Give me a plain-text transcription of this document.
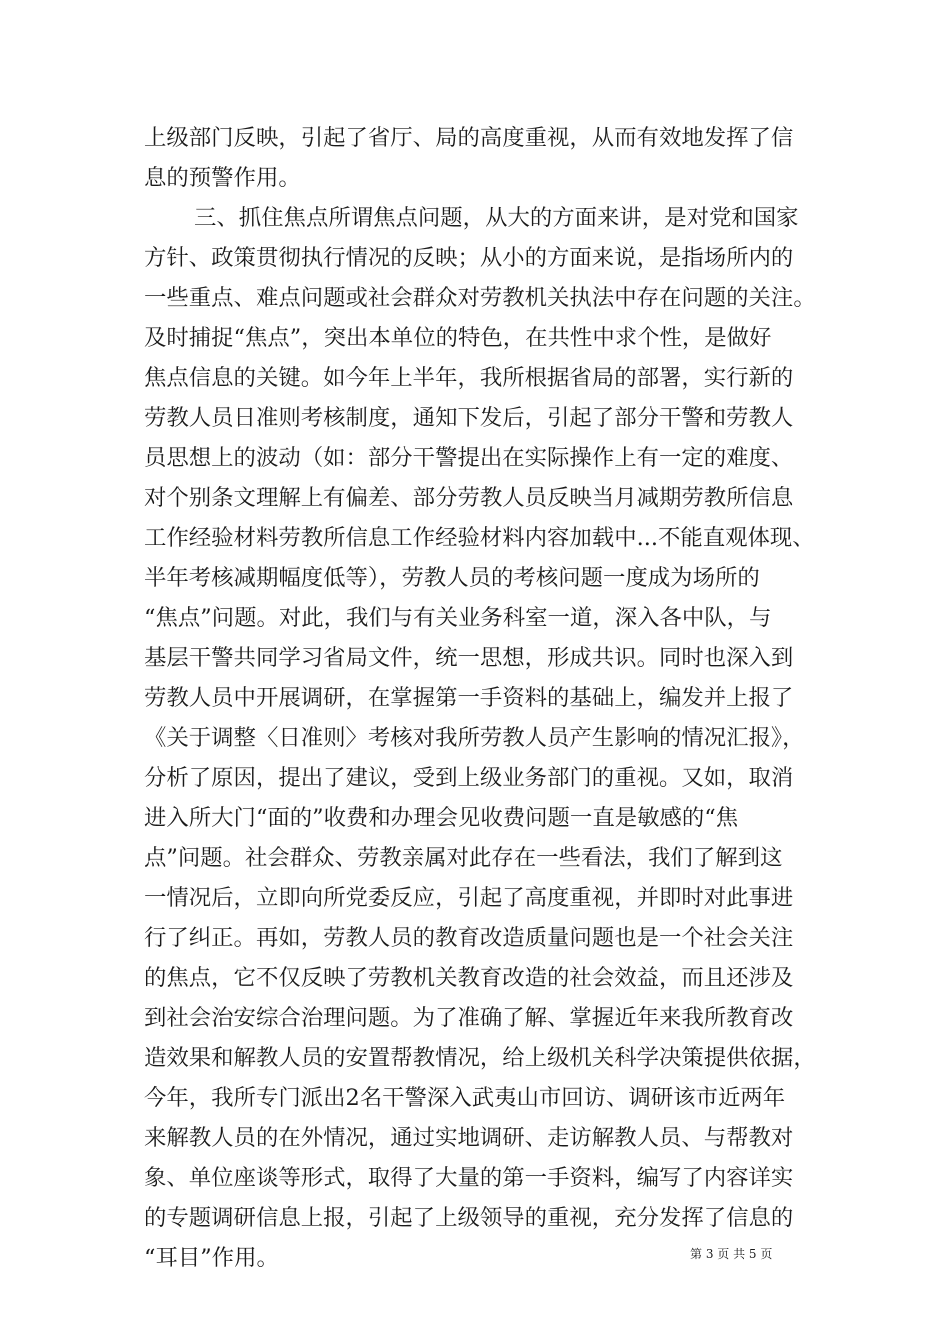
上级部门反映，引起了省厅、局的高度重视，从而有效地发挥了信
息的预警作用。
三、抓住焦点所谓焦点问题，从大的方面来讲，是对党和国家
方针、政策贯彻执行情况的反映；从小的方面来说，是指场所内的
一些重点、难点问题或社会群众对劳教机关执法中存在问题的关注。
及时捕捉“焦点”，突出本单位的特色，在共性中求个性，是做好
焦点信息的关键。如今年上半年，我所根据省局的部署，实行新的
劳教人员日准则考核制度，通知下发后，引起了部分干警和劳教人
员思想上的波动（如：部分干警提出在实际操作上有一定的难度、
对个别条文理解上有偏差、部分劳教人员反映当月减期劳教所信息
工作经验材料劳教所信息工作经验材料内容加载中...不能直观体现、
半年考核减期幅度低等），劳教人员的考核问题一度成为场所的
“焦点”问题。对此，我们与有关业务科室一道，深入各中队，与
基层干警共同学习省局文件，统一思想，形成共识。同时也深入到
劳教人员中开展调研，在掌握第一手资料的基础上，编发并上报了
《关于调整〈日准则〉考核对我所劳教人员产生影响的情况汇报》，
分析了原因，提出了建议，受到上级业务部门的重视。又如，取消
进入所大门“面的”收费和办理会见收费问题一直是敏感的“焦
点”问题。社会群众、劳教亲属对此存在一些看法，我们了解到这
一情况后，立即向所党委反应，引起了高度重视，并即时对此事进
行了纠正。再如，劳教人员的教育改造质量问题也是一个社会关注
的焦点，它不仅反映了劳教机关教育改造的社会效益，而且还涉及
到社会治安综合治理问题。为了准确了解、掌握近年来我所教育改
造效果和解教人员的安置帮教情况，给上级机关科学决策提供依据，
今年，我所专门派出2名干警深入武夷山市回访、调研该市近两年
来解教人员的在外情况，通过实地调研、走访解教人员、与帮教对
象、单位座谈等形式，取得了大量的第一手资料，编写了内容详实
的专题调研信息上报，引起了上级领导的重视，充分发挥了信息的
“耳目”作用。	第 3 页 共 5 页
